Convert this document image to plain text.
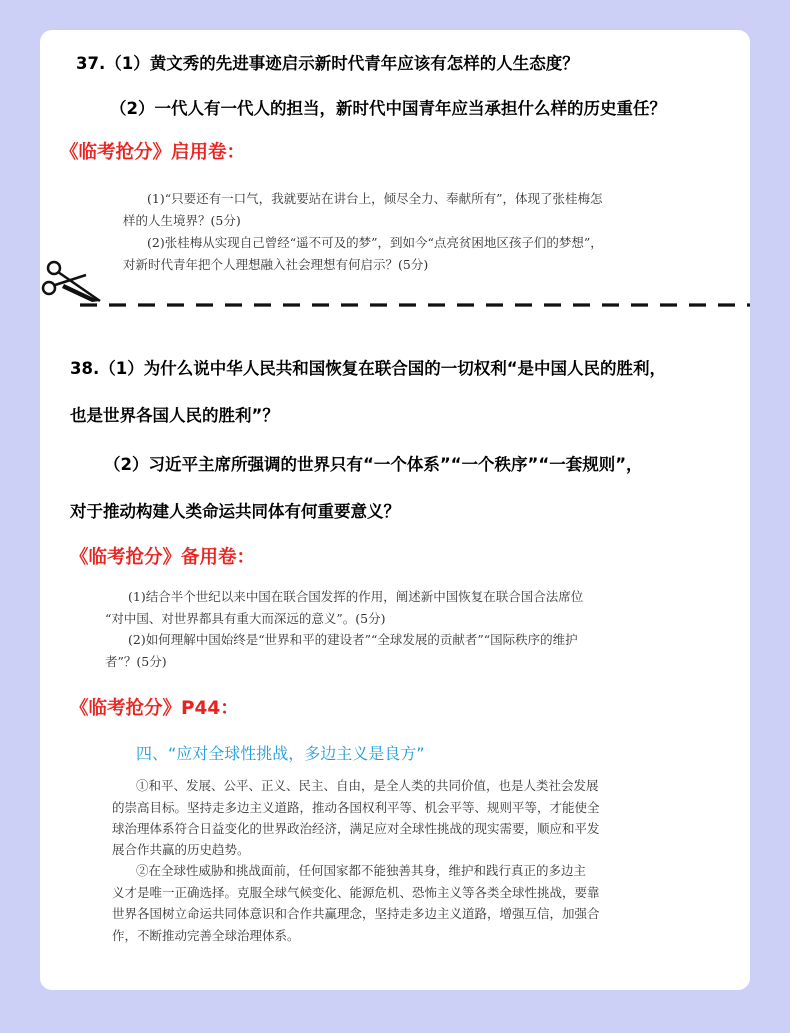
37.（1）黄文秀的先进事迹启示新时代青年应该有怎样的人生态度？
（2）一代人有一代人的担当，新时代中国青年应当承担什么样的历史重任？
《临考抢分》启用卷：
(1)“只要还有一口气，我就要站在讲台上，倾尽全力、奉献所有”，体现了张桂梅怎
样的人生境界？(5分)
(2)张桂梅从实现自己曾经“遥不可及的梦”，到如今“点亮贫困地区孩子们的梦想”，
对新时代青年把个人理想融入社会理想有何启示？(5分)
38.（1）为什么说中华人民共和国恢复在联合国的一切权利“是中国人民的胜利，
也是世界各国人民的胜利”？
（2）习近平主席所强调的世界只有“一个体系”“一个秩序”“一套规则”，
对于推动构建人类命运共同体有何重要意义？
《临考抢分》备用卷：
(1)结合半个世纪以来中国在联合国发挥的作用，阐述新中国恢复在联合国合法席位
“对中国、对世界都具有重大而深远的意义”。(5分)
(2)如何理解中国始终是“世界和平的建设者”“全球发展的贡献者”“国际秩序的维护
者”？(5分)
《临考抢分》P44：
四、“应对全球性挑战，多边主义是良方”
①和平、发展、公平、正义、民主、自由，是全人类的共同价值，也是人类社会发展
的崇高目标。坚持走多边主义道路，推动各国权利平等、机会平等、规则平等，才能使全
球治理体系符合日益变化的世界政治经济，满足应对全球性挑战的现实需要，顺应和平发
展合作共赢的历史趋势。
②在全球性威胁和挑战面前，任何国家都不能独善其身，维护和践行真正的多边主
义才是唯一正确选择。克服全球气候变化、能源危机、恐怖主义等各类全球性挑战，要靠
世界各国树立命运共同体意识和合作共赢理念，坚持走多边主义道路，增强互信，加强合
作，不断推动完善全球治理体系。
